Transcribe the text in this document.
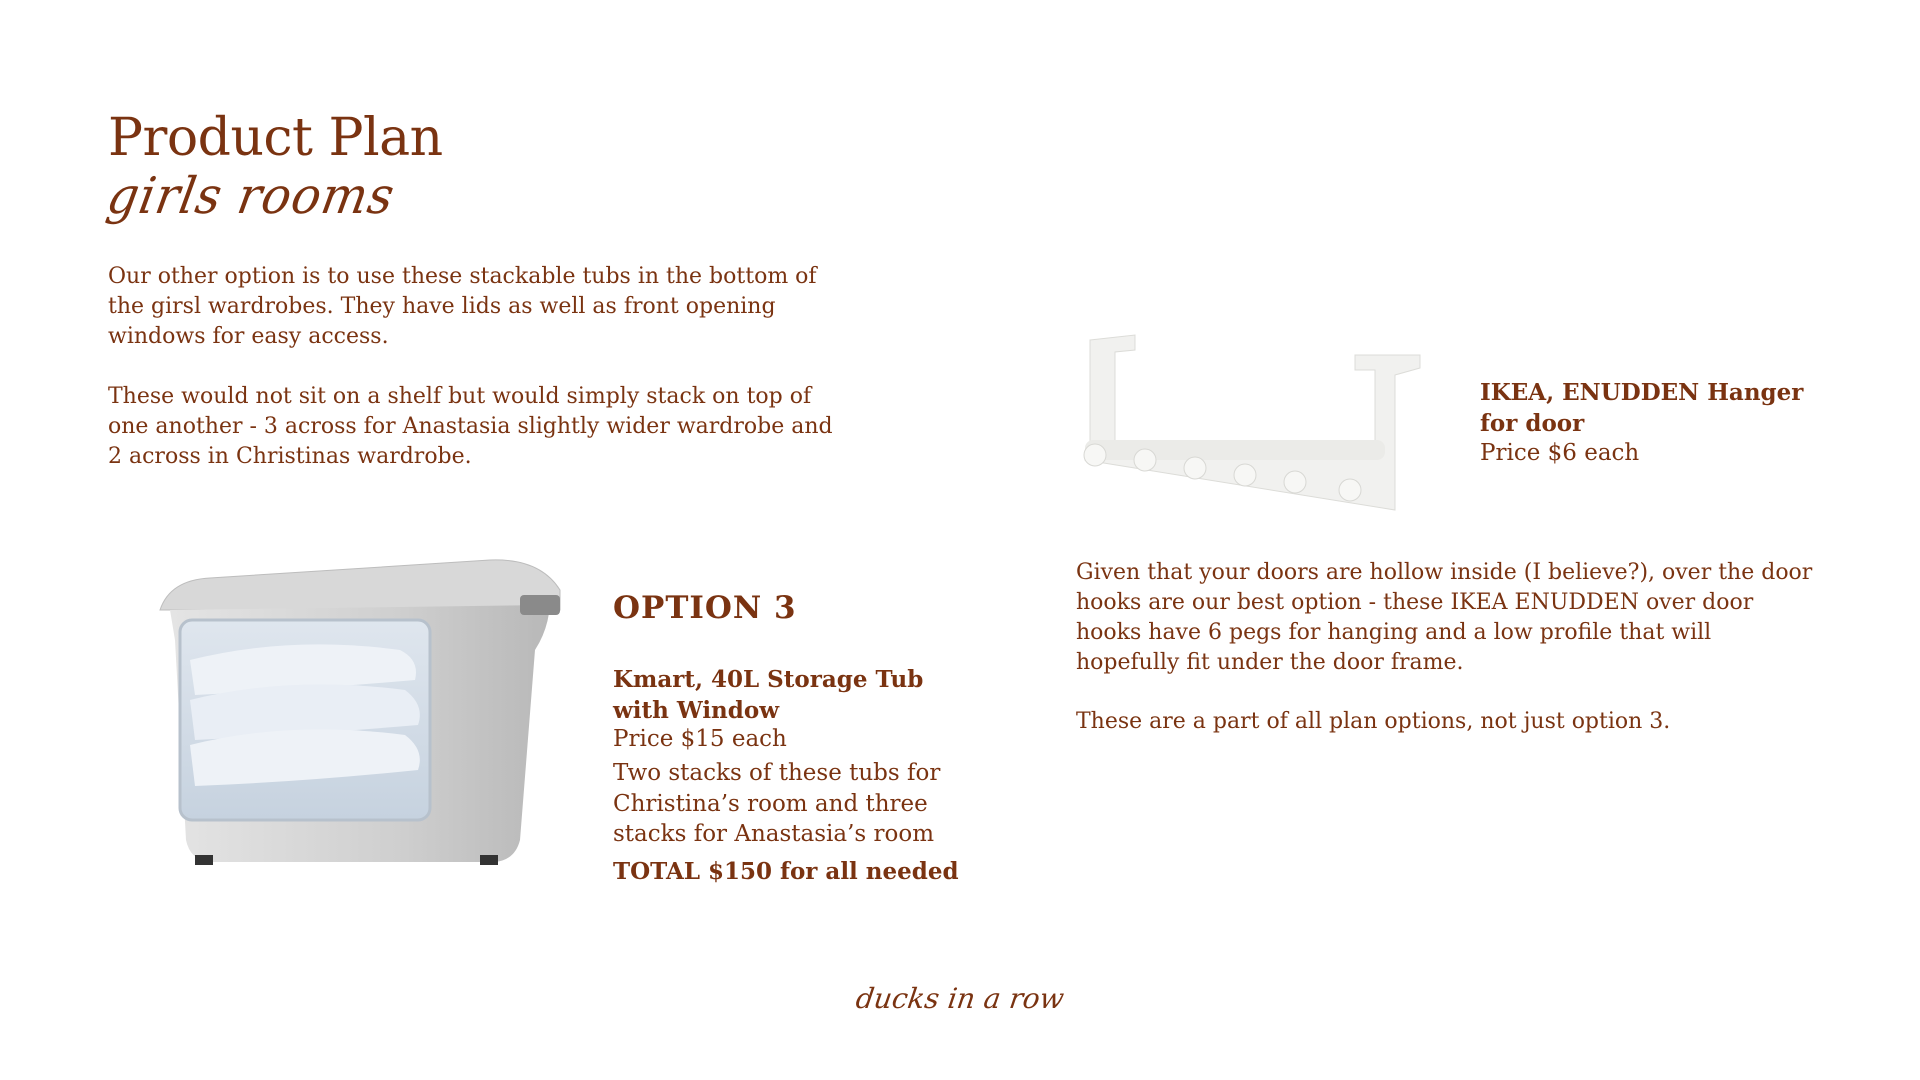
Product Plan
girls rooms

Our other option is to use these stackable tubs in the bottom of the girsl wardrobes. They have lids as well as front opening windows for easy access.

These would not sit on a shelf but would simply stack on top of one another - 3 across for Anastasia slightly wider wardrobe and 2 across in Christinas wardrobe.

OPTION 3
Kmart, 40L Storage Tub with Window
Price $15 each
Two stacks of these tubs for Christina’s room and three stacks for Anastasia’s room
TOTAL $150 for all needed
IKEA, ENUDDEN Hanger for door
Price $6 each

Given that your doors are hollow inside (I believe?), over the door hooks are our best option - these IKEA ENUDDEN over door hooks have 6 pegs for hanging and a low profile that will hopefully fit under the door frame.

These are a part of all plan options, not just option 3.

ducks in a row
